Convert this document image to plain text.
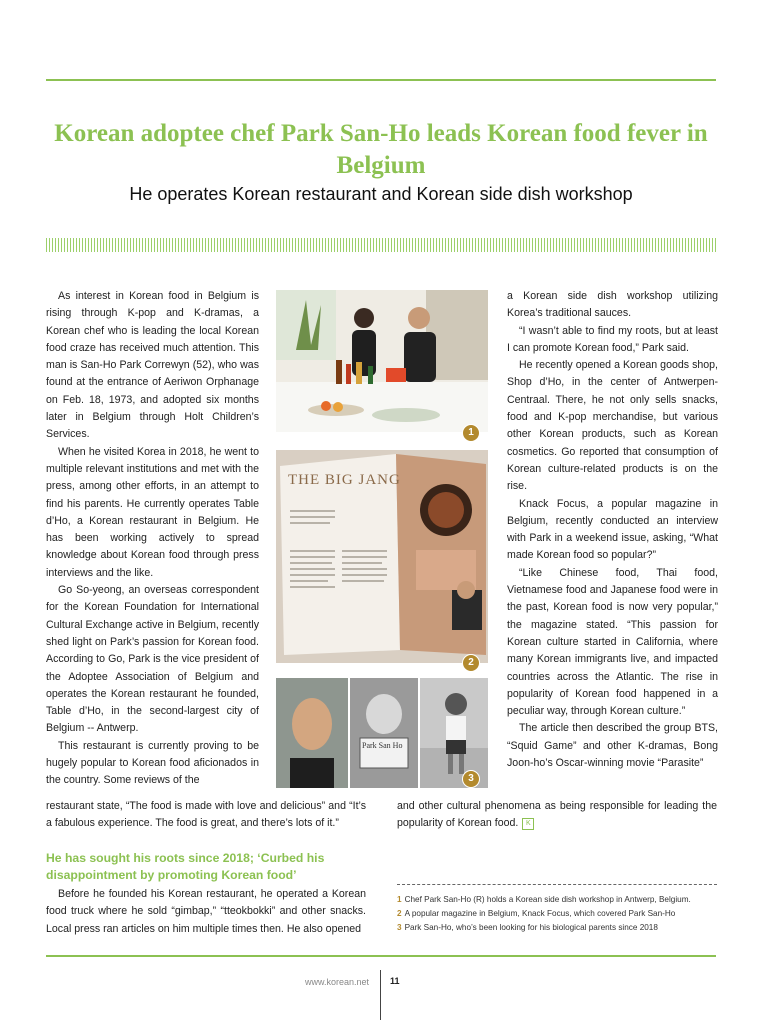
Korean adoptee chef Park San-Ho leads Korean food fever in Belgium
He operates Korean restaurant and Korean side dish workshop

As interest in Korean food in Belgium is rising through K-pop and K-dramas, a Korean chef who is leading the local Korean food craze has received much attention. This man is San-Ho Park Correwyn (52), who was found at the entrance of Aeriwon Orphanage on Feb. 18, 1973, and adopted six months later in Belgium through Holt Children’s Services.

When he visited Korea in 2018, he went to multiple relevant institutions and met with the press, among other efforts, in an attempt to find his parents. He currently operates Table d’Ho, a Korean restaurant in Belgium. He has been working actively to spread knowledge about Korean food through press interviews and the like.

Go So-yeong, an overseas correspondent for the Korean Foundation for International Cultural Exchange active in Belgium, recently shed light on Park’s passion for Korean food. According to Go, Park is the vice president of the Adoptee Association of Belgium and operates the Korean restaurant he founded, Table d’Ho, in the second-largest city of Belgium -- Antwerp.

This restaurant is currently proving to be hugely popular to Korean food aficionados in the country. Some reviews of the

restaurant state, “The food is made with love and delicious” and “It’s a fabulous experience. The food is great, and there’s lots of it.”
He has sought his roots since 2018; ‘Curbed his disappointment by promoting Korean food’
Before he founded his Korean restaurant, he operated a Korean food truck where he sold “gimbap,” “tteokbokki” and other snacks. Local press ran articles on him multiple times then. He also opened

a Korean side dish workshop utilizing Korea’s traditional sauces.

“I wasn’t able to find my roots, but at least I can promote Korean food,” Park said.

He recently opened a Korean goods shop, Shop d’Ho, in the center of Antwerpen-Centraal. There, he not only sells snacks, food and K-pop merchandise, but various other Korean products, such as Korean cosmetics. Go reported that consumption of Korean culture-related products is on the rise.

Knack Focus, a popular magazine in Belgium, recently conducted an interview with Park in a weekend issue, asking, “What made Korean food so popular?”

“Like Chinese food, Thai food, Vietnamese food and Japanese food were in the past, Korean food is now very popular,” the magazine stated. “This passion for Korean culture started in California, where many Korean immigrants live, and impacted countries across the Atlantic. The rise in popularity of Korean food happened in a peculiar way, through Korean culture.”

The article then described the group BTS, “Squid Game” and other K-dramas, Bong Joon-ho’s Oscar-winning movie “Parasite”

and other cultural phenomena as being responsible for leading the popularity of Korean food. K
1
THE BIG JANG
2
Park San Ho
3
1 Chef Park San-Ho (R) holds a Korean side dish workshop in Antwerp, Belgium.
2 A popular magazine in Belgium, Knack Focus, which covered Park San-Ho
3 Park San-Ho, who’s been looking for his biological parents since 2018
www.korean.net 11
